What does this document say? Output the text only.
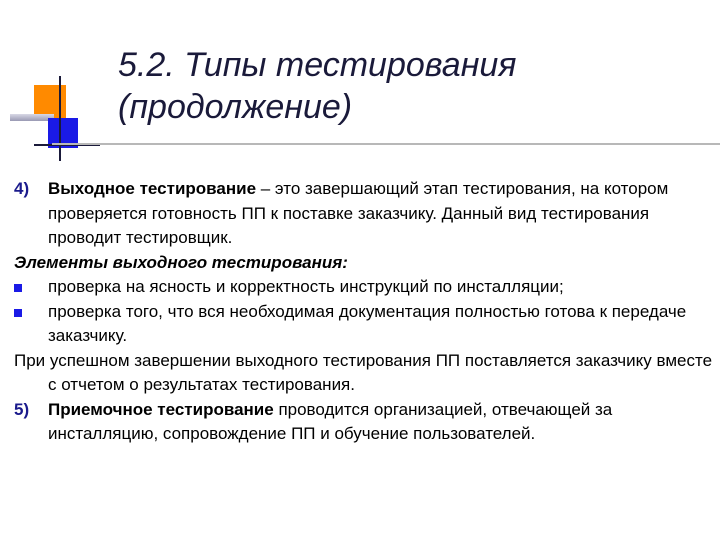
5.2. Типы тестирования
(продолжение)
4) Выходное тестирование – это завершающий этап тестирования, на котором проверяется готовность ПП к поставке заказчику. Данный вид тестирования проводит тестировщик.
Элементы выходного тестирования:
проверка на ясность и корректность инструкций по инсталляции;
проверка того, что вся необходимая документация полностью готова к передаче заказчику.
При успешном завершении выходного тестирования ПП поставляется заказчику вместе с отчетом о результатах тестирования.
5) Приемочное тестирование проводится организацией, отвечающей за инсталляцию, сопровождение ПП и обучение пользователей.
